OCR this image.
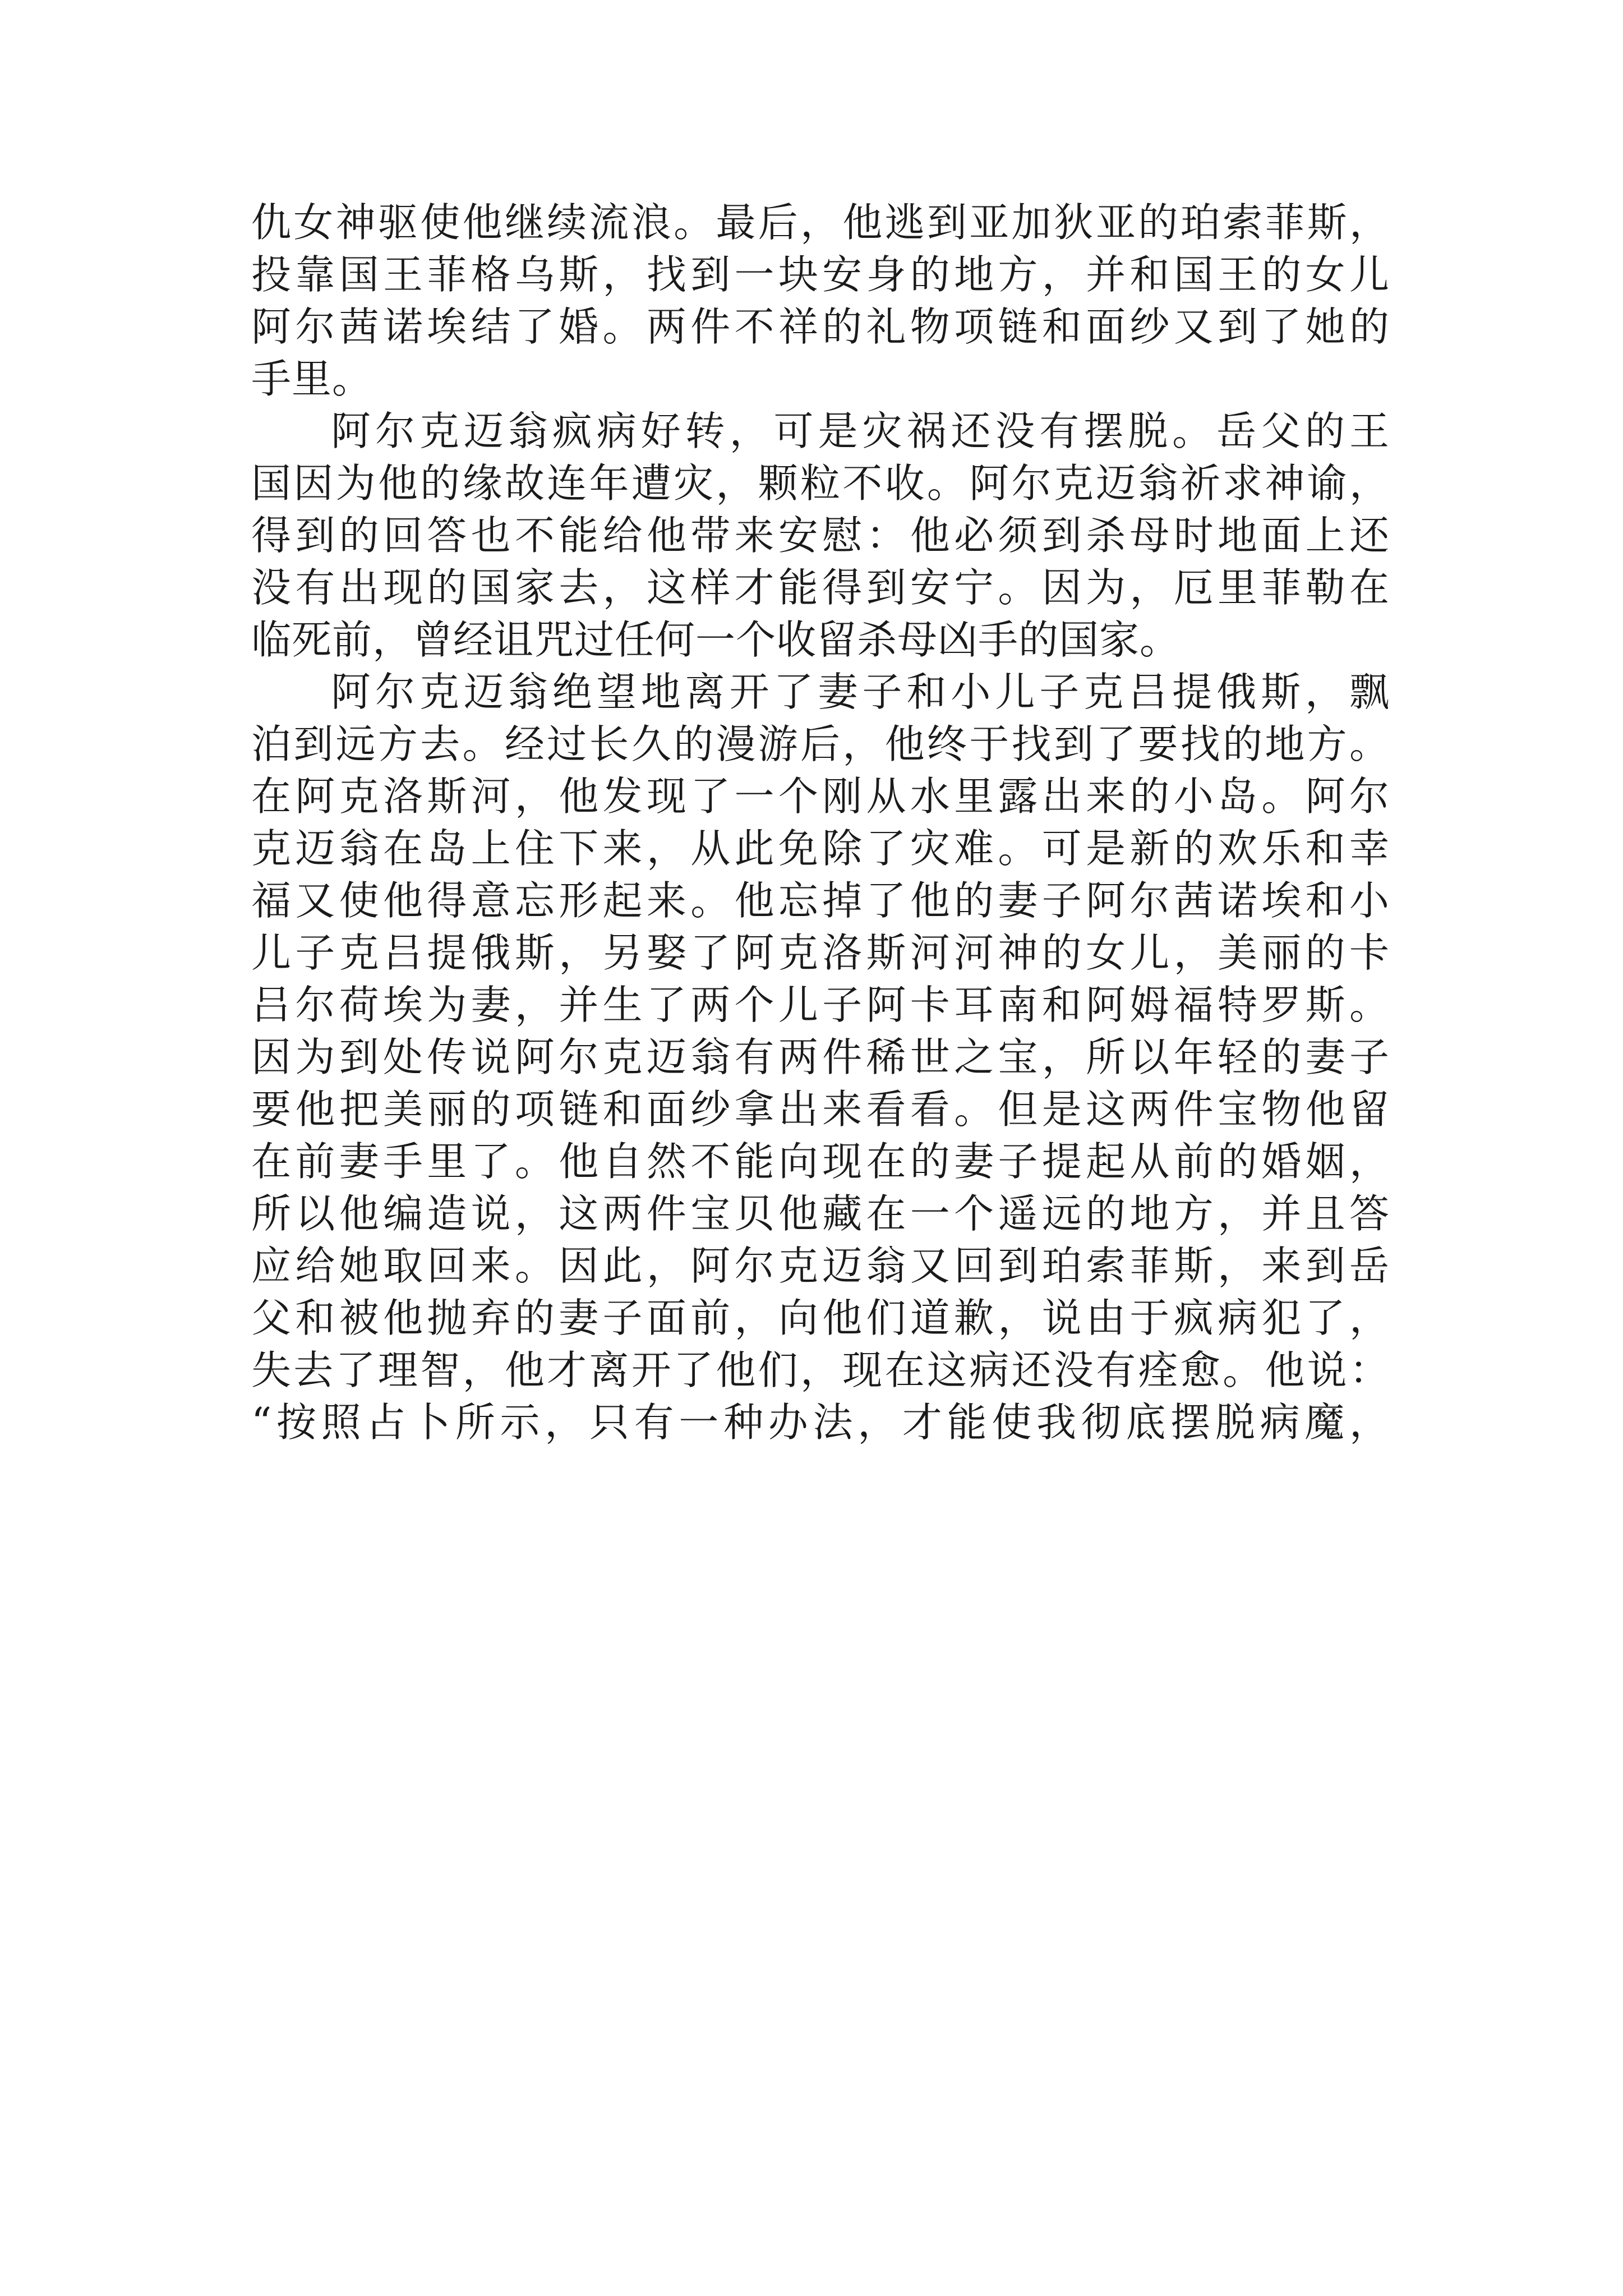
仇女神驱使他继续流浪。最后，他逃到亚加狄亚的珀索菲斯，
投靠国王菲格乌斯，找到一块安身的地方，并和国王的女儿
阿尔茜诺埃结了婚。两件不祥的礼物项链和面纱又到了她的
手里。
阿尔克迈翁疯病好转，可是灾祸还没有摆脱。岳父的王
国因为他的缘故连年遭灾，颗粒不收。阿尔克迈翁祈求神谕，
得到的回答也不能给他带来安慰：他必须到杀母时地面上还
没有出现的国家去，这样才能得到安宁。因为，厄里菲勒在
临死前，曾经诅咒过任何一个收留杀母凶手的国家。
阿尔克迈翁绝望地离开了妻子和小儿子克吕提俄斯，飘
泊到远方去。经过长久的漫游后，他终于找到了要找的地方。
在阿克洛斯河，他发现了一个刚从水里露出来的小岛。阿尔
克迈翁在岛上住下来，从此免除了灾难。可是新的欢乐和幸
福又使他得意忘形起来。他忘掉了他的妻子阿尔茜诺埃和小
儿子克吕提俄斯，另娶了阿克洛斯河河神的女儿，美丽的卡
吕尔荷埃为妻，并生了两个儿子阿卡耳南和阿姆福特罗斯。
因为到处传说阿尔克迈翁有两件稀世之宝，所以年轻的妻子
要他把美丽的项链和面纱拿出来看看。但是这两件宝物他留
在前妻手里了。他自然不能向现在的妻子提起从前的婚姻，
所以他编造说，这两件宝贝他藏在一个遥远的地方，并且答
应给她取回来。因此，阿尔克迈翁又回到珀索菲斯，来到岳
父和被他抛弃的妻子面前，向他们道歉，说由于疯病犯了，
失去了理智，他才离开了他们，现在这病还没有痊愈。他说：
“按照占卜所示，只有一种办法，才能使我彻底摆脱病魔，
